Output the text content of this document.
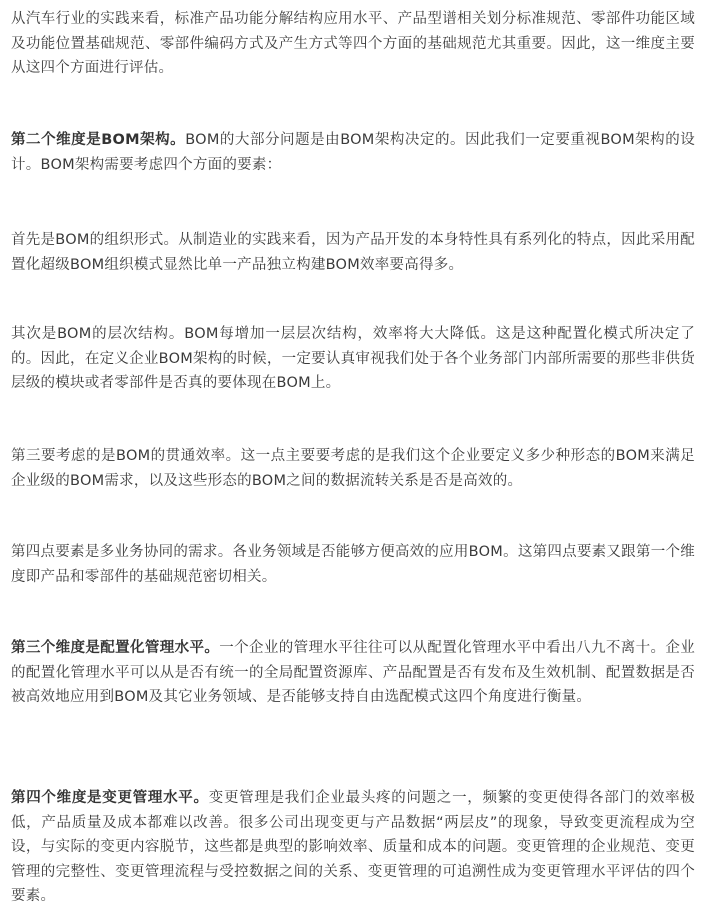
从汽车行业的实践来看，标准产品功能分解结构应用水平、产品型谱相关划分标准规范、零部件功能区域及功能位置基础规范、零部件编码方式及产生方式等四个方面的基础规范尤其重要。因此，这一维度主要从这四个方面进行评估。

第二个维度是BOM架构。BOM的大部分问题是由BOM架构决定的。因此我们一定要重视BOM架构的设计。BOM架构需要考虑四个方面的要素：

首先是BOM的组织形式。从制造业的实践来看，因为产品开发的本身特性具有系列化的特点，因此采用配置化超级BOM组织模式显然比单一产品独立构建BOM效率要高得多。

其次是BOM的层次结构。BOM每增加一层层次结构，效率将大大降低。这是这种配置化模式所决定了的。因此，在定义企业BOM架构的时候，一定要认真审视我们处于各个业务部门内部所需要的那些非供货层级的模块或者零部件是否真的要体现在BOM上。

第三要考虑的是BOM的贯通效率。这一点主要要考虑的是我们这个企业要定义多少种形态的BOM来满足企业级的BOM需求，以及这些形态的BOM之间的数据流转关系是否是高效的。

第四点要素是多业务协同的需求。各业务领域是否能够方便高效的应用BOM。这第四点要素又跟第一个维度即产品和零部件的基础规范密切相关。

第三个维度是配置化管理水平。一个企业的管理水平往往可以从配置化管理水平中看出八九不离十。企业的配置化管理水平可以从是否有统一的全局配置资源库、产品配置是否有发布及生效机制、配置数据是否被高效地应用到BOM及其它业务领域、是否能够支持自由选配模式这四个角度进行衡量。

第四个维度是变更管理水平。变更管理是我们企业最头疼的问题之一，频繁的变更使得各部门的效率极低，产品质量及成本都难以改善。很多公司出现变更与产品数据“两层皮”的现象，导致变更流程成为空设，与实际的变更内容脱节，这些都是典型的影响效率、质量和成本的问题。变更管理的企业规范、变更管理的完整性、变更管理流程与受控数据之间的关系、变更管理的可追溯性成为变更管理水平评估的四个要素。
